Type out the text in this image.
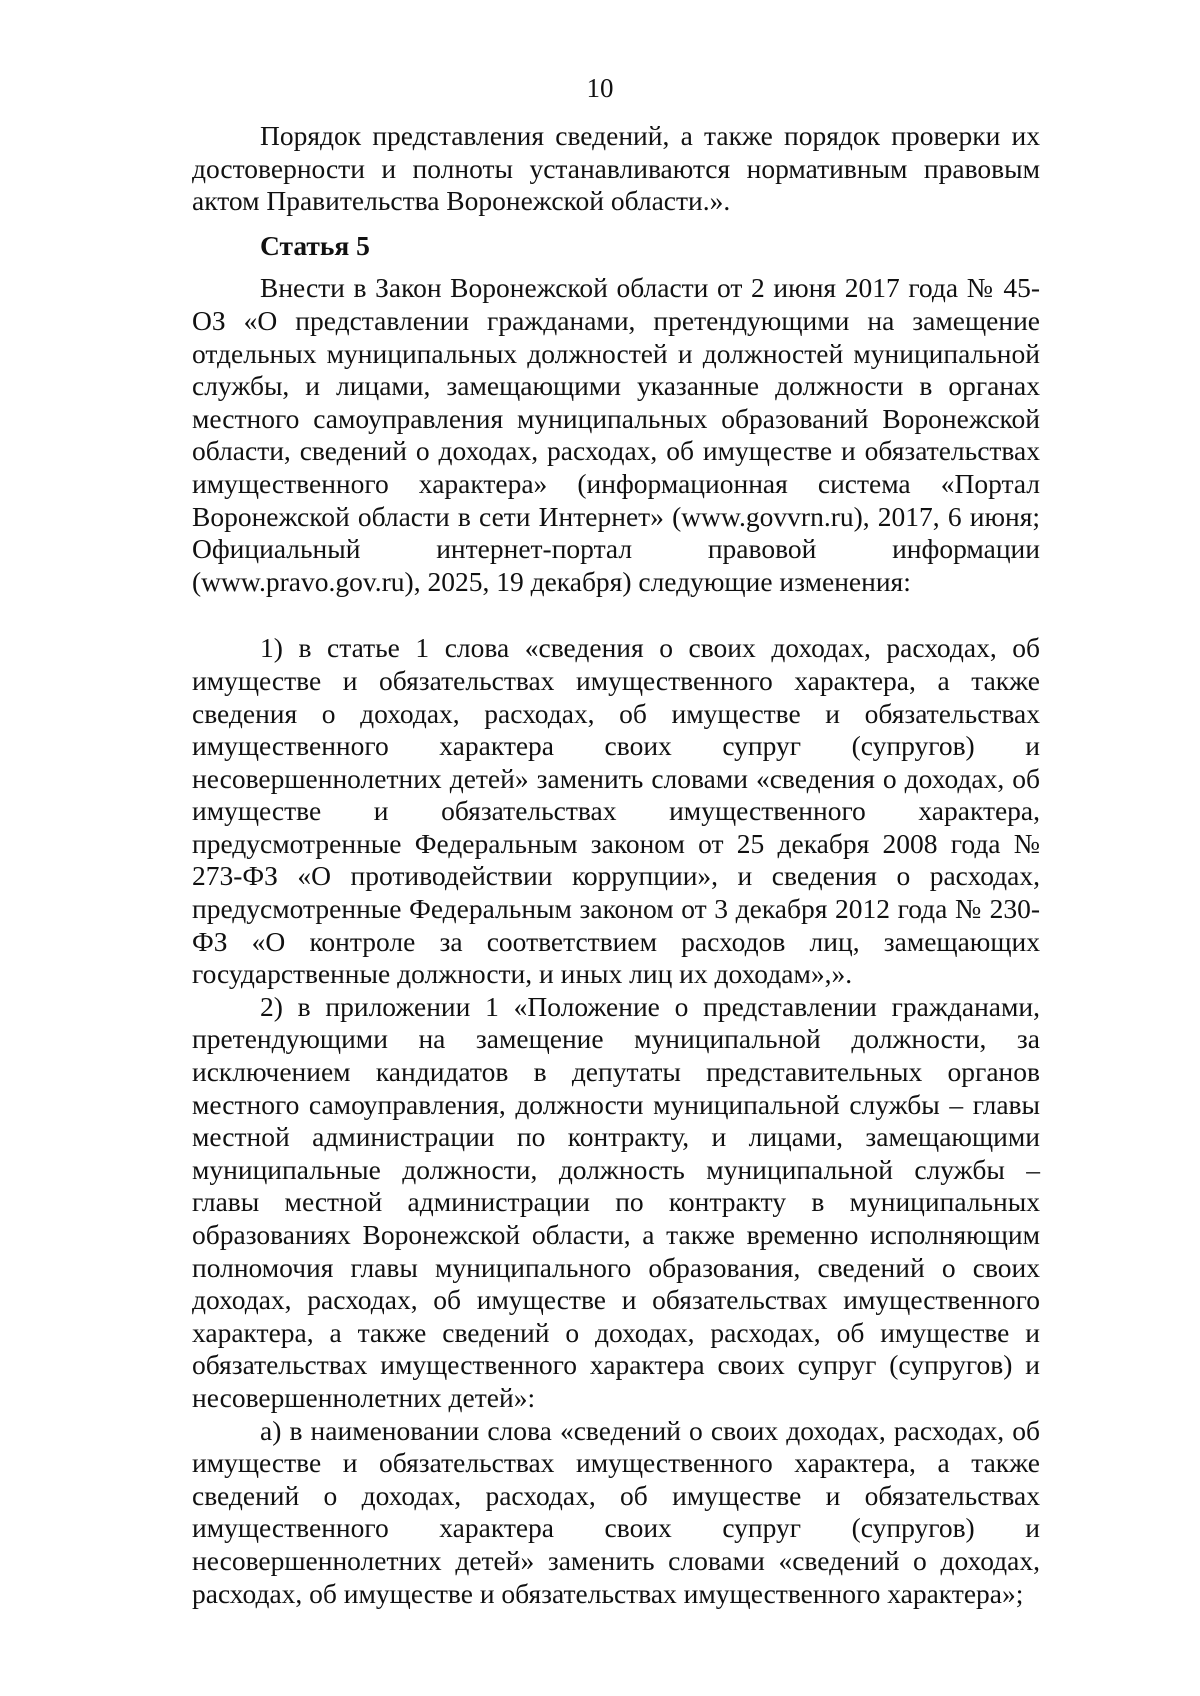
10

Порядок представления сведений, а также порядок проверки их достоверности и полноты устанавливаются нормативным правовым актом Правительства Воронежской области.».

Статья 5

Внести в Закон Воронежской области от 2 июня 2017 года № 45-ОЗ «О представлении гражданами, претендующими на замещение отдельных муниципальных должностей и должностей муниципальной службы, и лицами, замещающими указанные должности в органах местного самоуправления муниципальных образований Воронежской области, сведений о доходах, расходах, об имуществе и обязательствах имущественного характера» (информационная система «Портал Воронежской области в сети Интернет» (www.govvrn.ru), 2017, 6 июня; Официальный интернет-портал правовой информации (www.pravo.gov.ru), 2025, 19 декабря) следующие изменения:

1) в статье 1 слова «сведения о своих доходах, расходах, об имуществе и обязательствах имущественного характера, а также сведения о доходах, расходах, об имуществе и обязательствах имущественного характера своих супруг (супругов) и несовершеннолетних детей» заменить словами «сведения о доходах, об имуществе и обязательствах имущественного характера, предусмотренные Федеральным законом от 25 декабря 2008 года № 273-ФЗ «О противодействии коррупции», и сведения о расходах, предусмотренные Федеральным законом от 3 декабря 2012 года № 230-ФЗ «О контроле за соответствием расходов лиц, замещающих государственные должности, и иных лиц их доходам»,».

2) в приложении 1 «Положение о представлении гражданами, претендующими на замещение муниципальной должности, за исключением кандидатов в депутаты представительных органов местного самоуправления, должности муниципальной службы – главы местной администрации по контракту, и лицами, замещающими муниципальные должности, должность муниципальной службы – главы местной администрации по контракту в муниципальных образованиях Воронежской области, а также временно исполняющим полномочия главы муниципального образования, сведений о своих доходах, расходах, об имуществе и обязательствах имущественного характера, а также сведений о доходах, расходах, об имуществе и обязательствах имущественного характера своих супруг (супругов) и несовершеннолетних детей»:

а) в наименовании слова «сведений о своих доходах, расходах, об имуществе и обязательствах имущественного характера, а также сведений о доходах, расходах, об имуществе и обязательствах имущественного характера своих супруг (супругов) и несовершеннолетних детей» заменить словами «сведений о доходах, расходах, об имуществе и обязательствах имущественного характера»;
